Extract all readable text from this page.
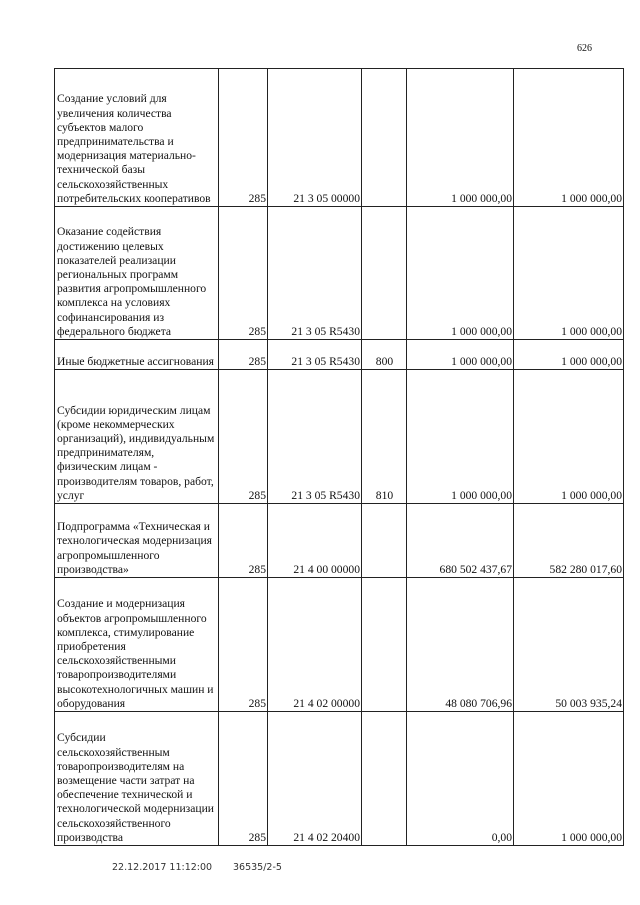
626
Создание условий для увеличения количества субъектов малого предпринимательства и модернизация материально-технической базы сельскохозяйственных потребительских кооперативов	285	21 3 05 00000		1 000 000,00	1 000 000,00
Оказание содействия достижению целевых показателей реализации региональных программ развития агропромышленного комплекса на условиях софинансирования из федерального бюджета	285	21 3 05 R5430		1 000 000,00	1 000 000,00
Иные бюджетные ассигнования	285	21 3 05 R5430	800	1 000 000,00	1 000 000,00
Субсидии юридическим лицам (кроме некоммерческих организаций), индивидуальным предпринимателям, физическим лицам - производителям товаров, работ, услуг	285	21 3 05 R5430	810	1 000 000,00	1 000 000,00
Подпрограмма «Техническая и технологическая модернизация агропромышленного производства»	285	21 4 00 00000		680 502 437,67	582 280 017,60
Создание и модернизация объектов агропромышленного комплекса, стимулирование приобретения сельскохозяйственными товаропроизводителями высокотехнологичных машин и оборудования	285	21 4 02 00000		48 080 706,96	50 003 935,24
Субсидии сельскохозяйственным товаропроизводителям на возмещение части затрат на обеспечение технической и технологической модернизации сельскохозяйственного производства	285	21 4 02 20400		0,00	1 000 000,00
22.12.2017 11:12:00 36535/2-5
